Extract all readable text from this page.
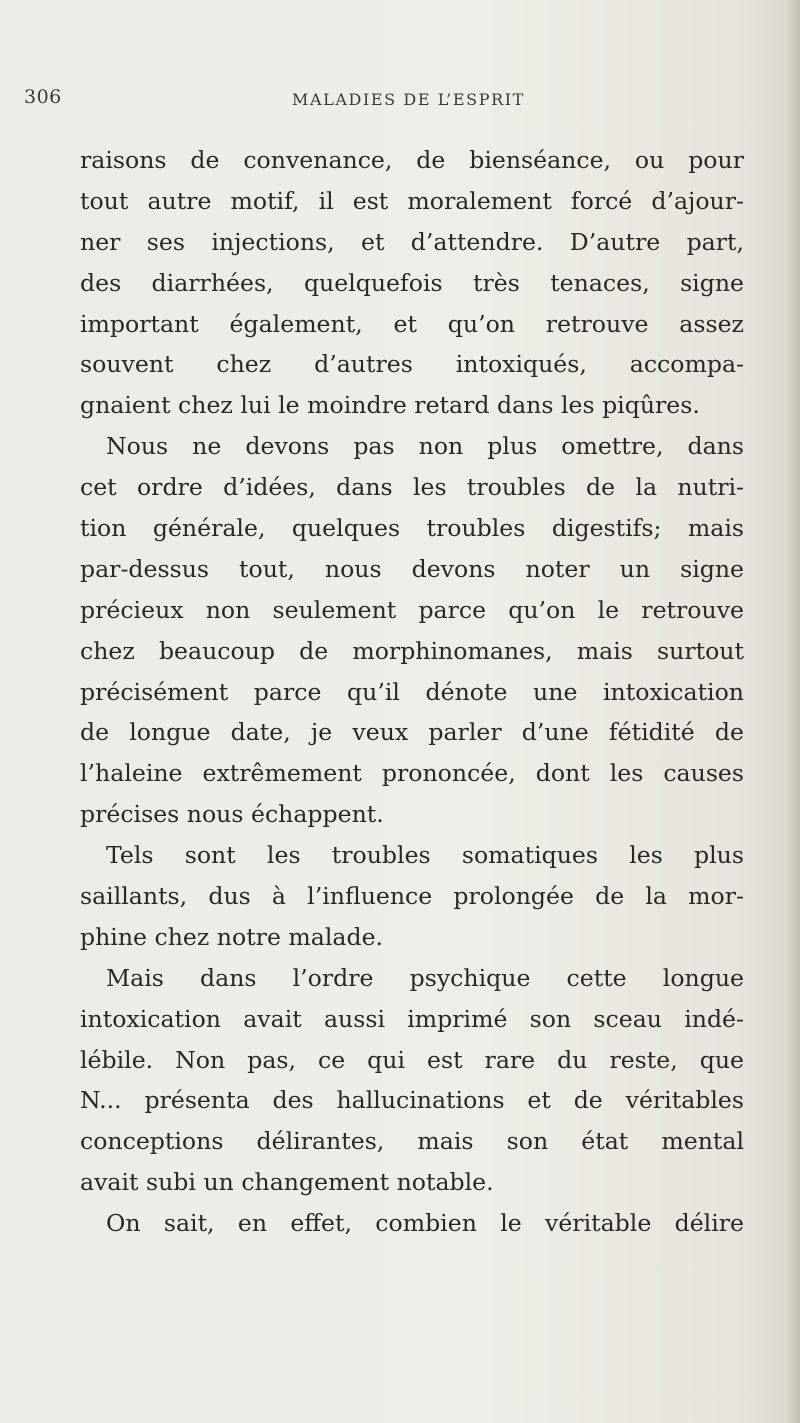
306	MALADIES DE L’ESPRIT
raisons de convenance, de bienséance, ou pour
tout autre motif, il est moralement forcé d’ajour-
ner ses injections, et d’attendre. D’autre part,
des diarrhées, quelquefois très tenaces, signe
important également, et qu’on retrouve assez
souvent chez d’autres intoxiqués, accompa-
gnaient chez lui le moindre retard dans les piqûres.
Nous ne devons pas non plus omettre, dans
cet ordre d’idées, dans les troubles de la nutri-
tion générale, quelques troubles digestifs; mais
par-dessus tout, nous devons noter un signe
précieux non seulement parce qu’on le retrouve
chez beaucoup de morphinomanes, mais surtout
précisément parce qu’il dénote une intoxication
de longue date, je veux parler d’une fétidité de
l’haleine extrêmement prononcée, dont les causes
précises nous échappent.
Tels sont les troubles somatiques les plus
saillants, dus à l’influence prolongée de la mor-
phine chez notre malade.
Mais dans l’ordre psychique cette longue
intoxication avait aussi imprimé son sceau indé-
lébile. Non pas, ce qui est rare du reste, que
N... présenta des hallucinations et de véritables
conceptions délirantes, mais son état mental
avait subi un changement notable.
On sait, en effet, combien le véritable délire
